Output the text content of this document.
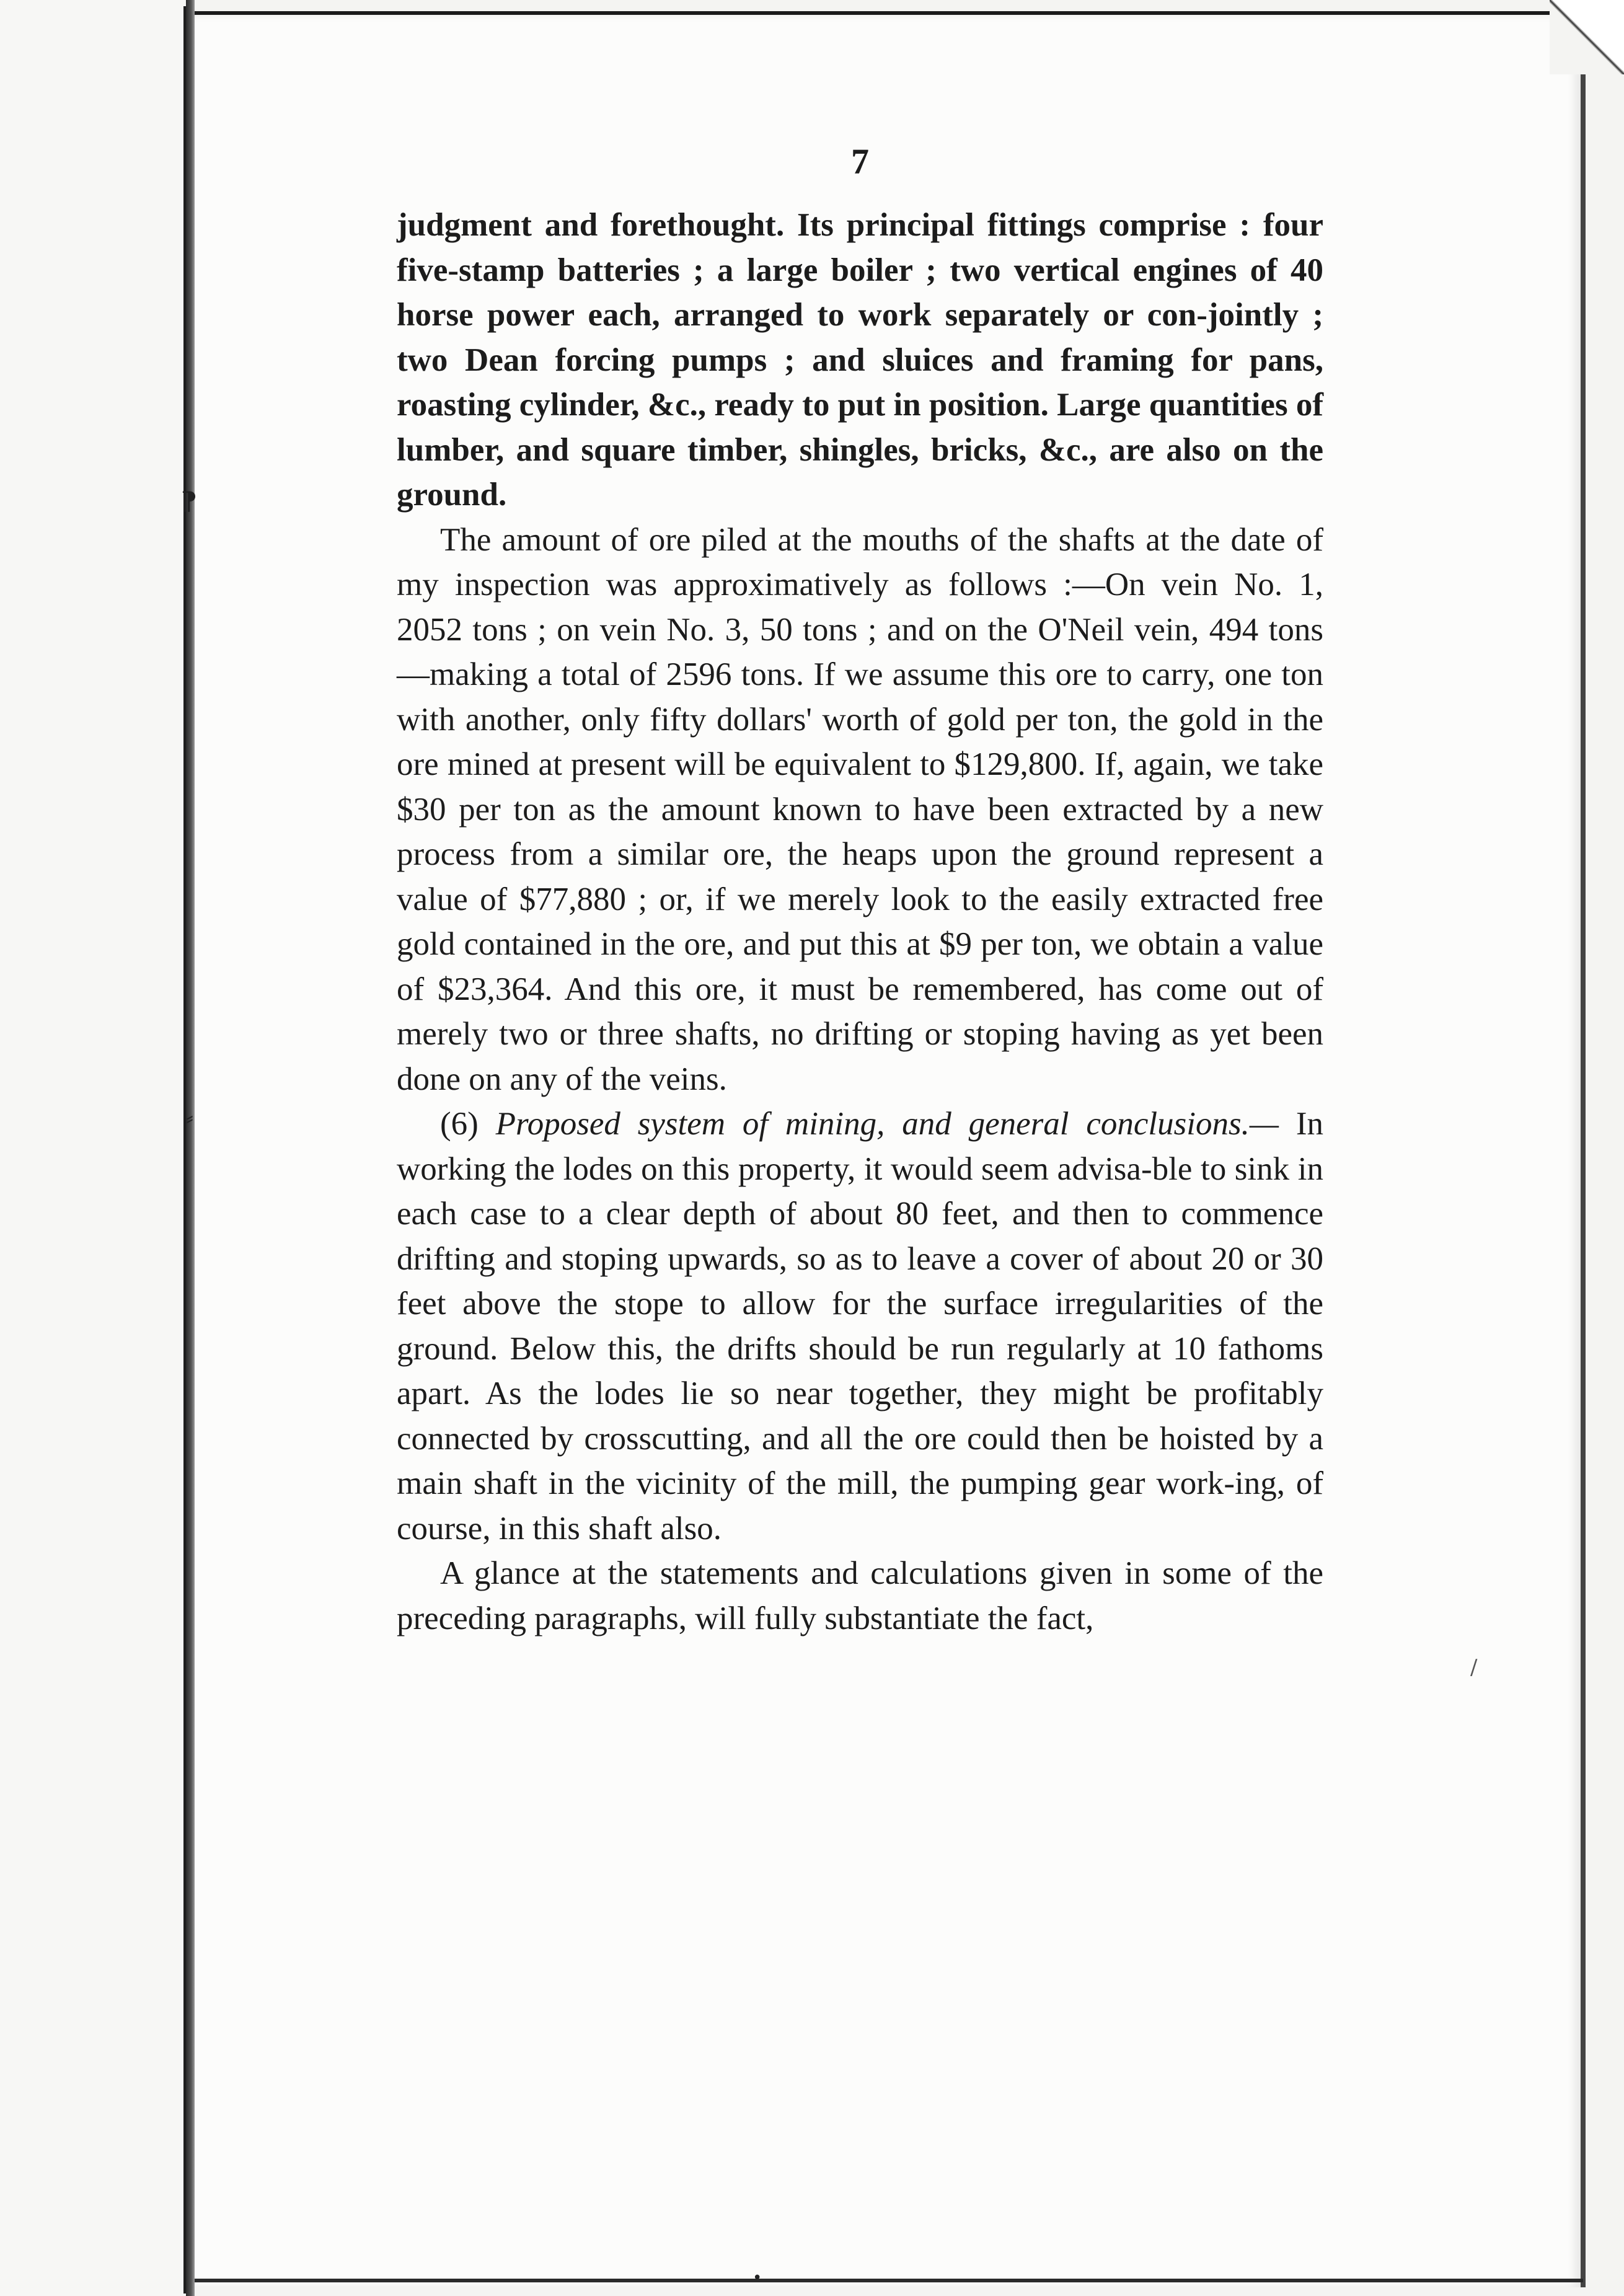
⁋
⸗
/
•
7

judgment and forethought. Its principal fittings comprise : four five-stamp batteries ; a large boiler ; two vertical engines of 40 horse power each, arranged to work separately or con-jointly ; two Dean forcing pumps ; and sluices and framing for pans, roasting cylinder, &c., ready to put in position. Large quantities of lumber, and square timber, shingles, bricks, &c., are also on the ground.

The amount of ore piled at the mouths of the shafts at the date of my inspection was approximatively as follows :—On vein No. 1, 2052 tons ; on vein No. 3, 50 tons ; and on the O'Neil vein, 494 tons—making a total of 2596 tons. If we assume this ore to carry, one ton with another, only fifty dollars' worth of gold per ton, the gold in the ore mined at present will be equivalent to $129,800. If, again, we take $30 per ton as the amount known to have been extracted by a new process from a similar ore, the heaps upon the ground represent a value of $77,880 ; or, if we merely look to the easily extracted free gold contained in the ore, and put this at $9 per ton, we obtain a value of $23,364. And this ore, it must be remembered, has come out of merely two or three shafts, no drifting or stoping having as yet been done on any of the veins.

(6) Proposed system of mining, and general conclusions.— In working the lodes on this property, it would seem advisa-ble to sink in each case to a clear depth of about 80 feet, and then to commence drifting and stoping upwards, so as to leave a cover of about 20 or 30 feet above the stope to allow for the surface irregularities of the ground. Below this, the drifts should be run regularly at 10 fathoms apart. As the lodes lie so near together, they might be profitably connected by crosscutting, and all the ore could then be hoisted by a main shaft in the vicinity of the mill, the pumping gear work-ing, of course, in this shaft also.

A glance at the statements and calculations given in some of the preceding paragraphs, will fully substantiate the fact,
